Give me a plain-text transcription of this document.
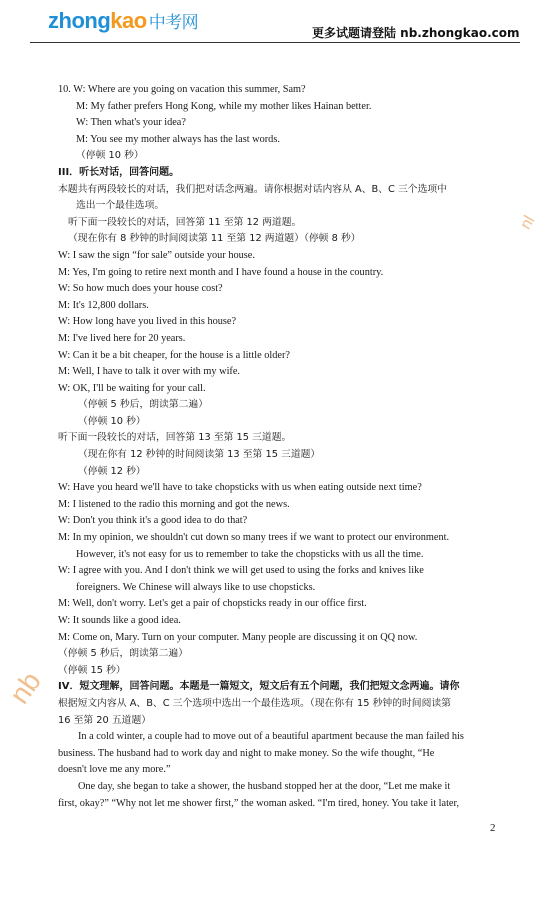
zhongkao 中考网
更多试题请登陆 nb.zhongkao.com
nb
nl
10. W: Where are you going on vacation this summer, Sam?
M: My father prefers Hong Kong, while my mother likes Hainan better.
W: Then what's your idea?
M: You see my mother always has the last words.
（停顿 10 秒）
III．听长对话，回答问题。
本题共有两段较长的对话，我们把对话念两遍。请你根据对话内容从 A、B、C 三个选项中
选出一个最佳选项。
听下面一段较长的对话，回答第 11 至第 12 两道题。
（现在你有 8 秒钟的时间阅读第 11 至第 12 两道题）（停顿 8 秒）
W: I saw the sign “for sale” outside your house.
M: Yes, I'm going to retire next month and I have found a house in the country.
W: So how much does your house cost?
M: It's 12,800 dollars.
W: How long have you lived in this house?
M: I've lived here for 20 years.
W: Can it be a bit cheaper, for the house is a little older?
M: Well, I have to talk it over with my wife.
W: OK, I'll be waiting for your call.
（停顿 5 秒后，朗读第二遍）
（停顿 10 秒）
听下面一段较长的对话，回答第 13 至第 15 三道题。
（现在你有 12 秒钟的时间阅读第 13 至第 15 三道题）
（停顿 12 秒）
W: Have you heard we'll have to take chopsticks with us when eating outside next time?
M: I listened to the radio this morning and got the news.
W: Don't you think it's a good idea to do that?
M: In my opinion, we shouldn't cut down so many trees if we want to protect our environment.
However, it's not easy for us to remember to take the chopsticks with us all the time.
W: I agree with you. And I don't think we will get used to using the forks and knives like
foreigners. We Chinese will always like to use chopsticks.
M: Well, don't worry. Let's get a pair of chopsticks ready in our office first.
W: It sounds like a good idea.
M: Come on, Mary. Turn on your computer. Many people are discussing it on QQ now.
（停顿 5 秒后，朗读第二遍）
（停顿 15 秒）
IV．短文理解，回答问题。本题是一篇短文，短文后有五个问题，我们把短文念两遍。请你
根据短文内容从 A、B、C 三个选项中选出一个最佳选项。（现在你有 15 秒钟的时间阅读第
16 至第 20 五道题）
In a cold winter, a couple had to move out of a beautiful apartment because the man failed his
business. The husband had to work day and night to make money. So the wife thought, “He
doesn't love me any more.”
One day, she began to take a shower, the husband stopped her at the door, “Let me make it
first, okay?” “Why not let me shower first,” the woman asked. “I'm tired, honey. You take it later,
2
